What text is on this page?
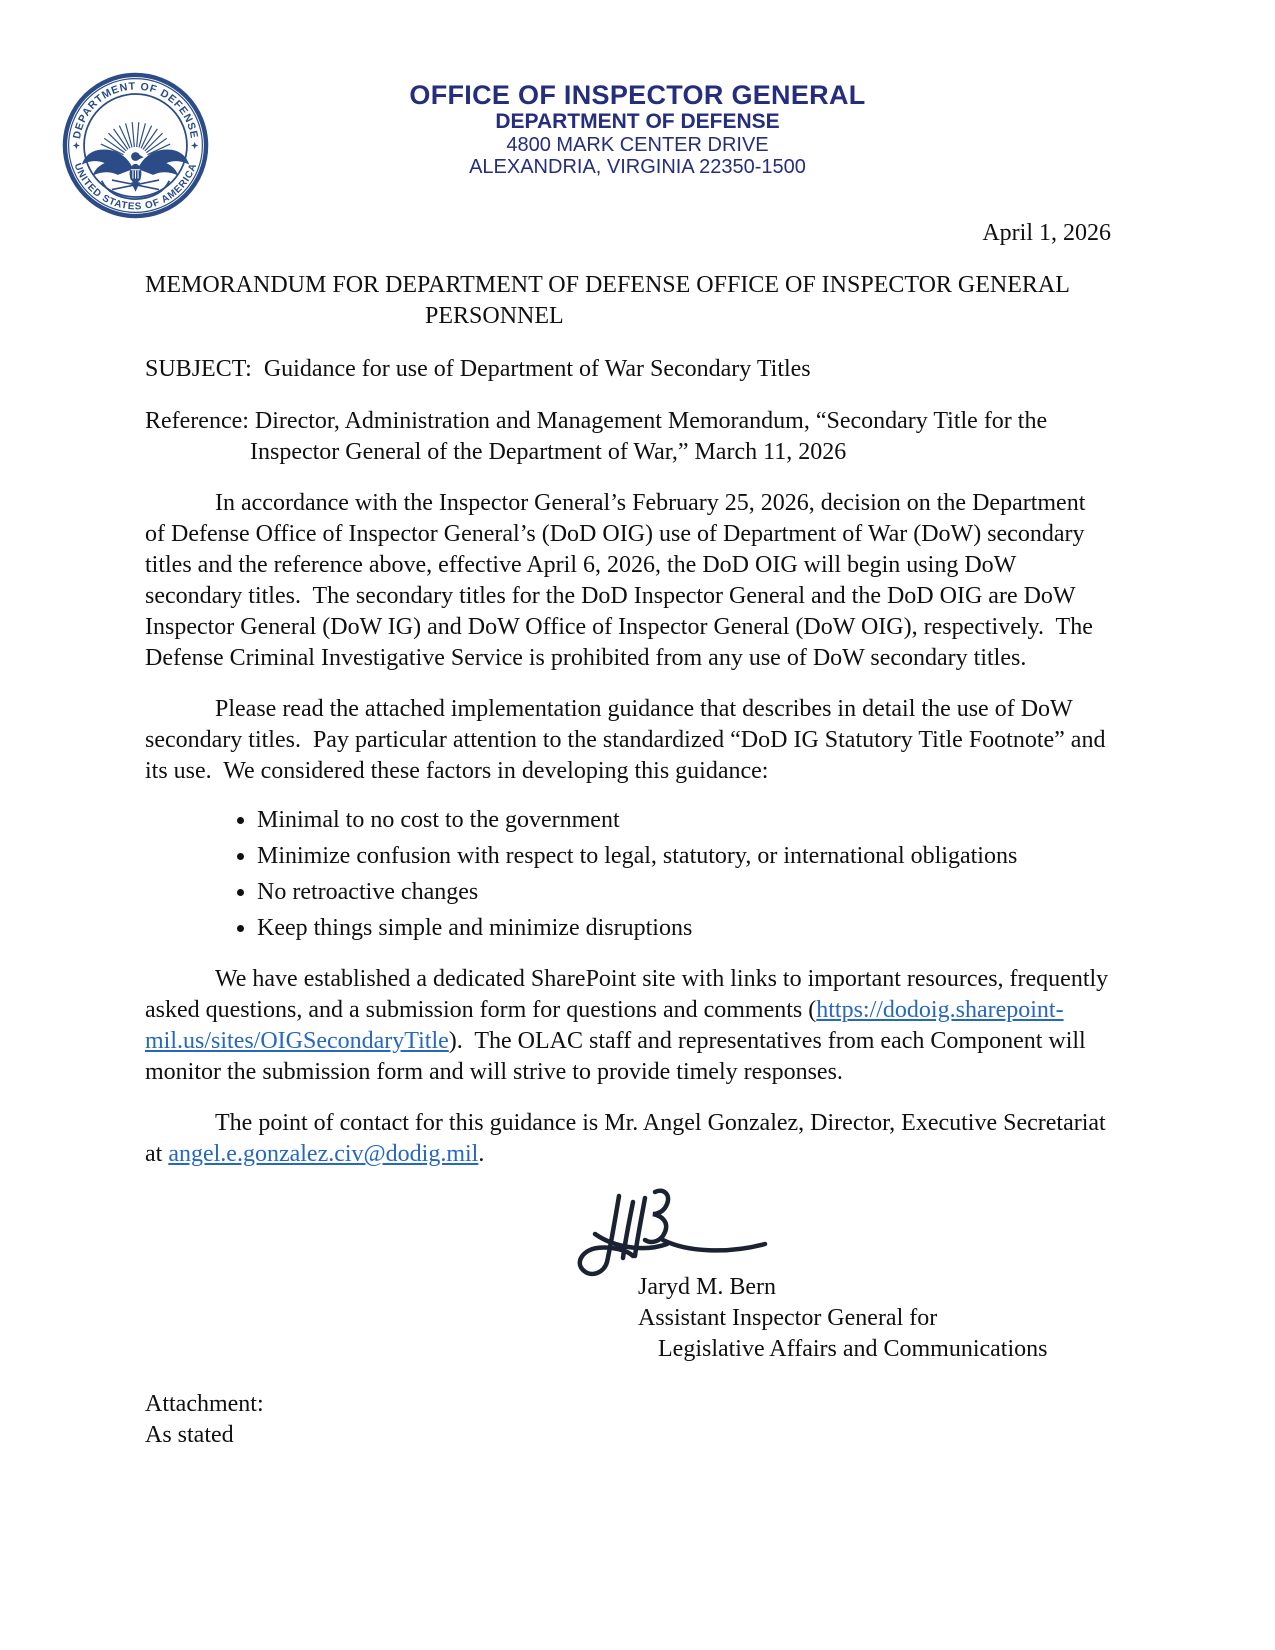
DEPARTMENT OF DEFENSE
UNITED STATES OF AMERICA
OFFICE OF INSPECTOR GENERAL
DEPARTMENT OF DEFENSE
4800 MARK CENTER DRIVE
ALEXANDRIA, VIRGINIA 22350-1500
April 1, 2026
MEMORANDUM FOR DEPARTMENT OF DEFENSE OFFICE OF INSPECTOR GENERAL
PERSONNEL
SUBJECT:  Guidance for use of Department of War Secondary Titles
Reference: Director, Administration and Management Memorandum, “Secondary Title for the Inspector General of the Department of War,” March 11, 2026

In accordance with the Inspector General’s February 25, 2026, decision on the Department of Defense Office of Inspector General’s (DoD OIG) use of Department of War (DoW) secondary titles and the reference above, effective April 6, 2026, the DoD OIG will begin using DoW secondary titles.  The secondary titles for the DoD Inspector General and the DoD OIG are DoW Inspector General (DoW IG) and DoW Office of Inspector General (DoW OIG), respectively.  The Defense Criminal Investigative Service is prohibited from any use of DoW secondary titles.

Please read the attached implementation guidance that describes in detail the use of DoW secondary titles.  Pay particular attention to the standardized “DoD IG Statutory Title Footnote” and its use.  We considered these factors in developing this guidance:

• Minimal to no cost to the government
• Minimize confusion with respect to legal, statutory, or international obligations
• No retroactive changes
• Keep things simple and minimize disruptions

We have established a dedicated SharePoint site with links to important resources, frequently asked questions, and a submission form for questions and comments (https://dodoig.sharepoint-mil.us/sites/OIGSecondaryTitle).  The OLAC staff and representatives from each Component will monitor the submission form and will strive to provide timely responses.

The point of contact for this guidance is Mr. Angel Gonzalez, Director, Executive Secretariat at angel.e.gonzalez.civ@dodig.mil.

Jaryd M. Bern
Assistant Inspector General for
Legislative Affairs and Communications
Attachment:
As stated
